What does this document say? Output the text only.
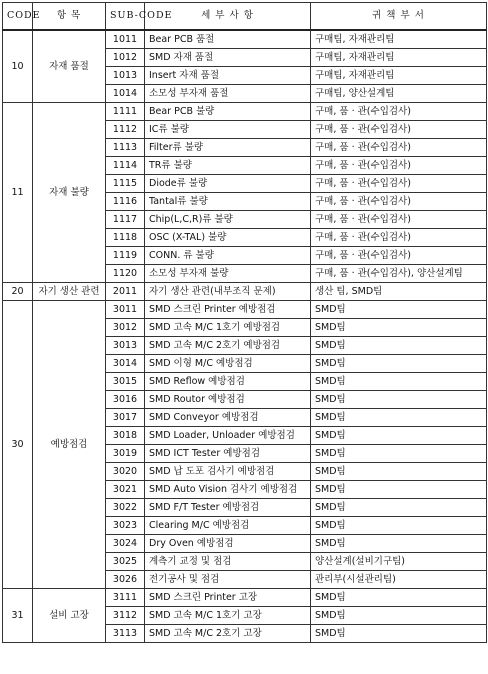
CODE	항 목	SUB-CODE	세 부 사 항	귀 책 부 서
10	자재 품절	1011	Bear PCB 품절	구매팀, 자재관리팀
		1012	SMD 자재 품절	구매팀, 자재관리팀
		1013	Insert 자재 품절	구매팀, 자재관리팀
		1014	소모성 부자재 품절	구매팀, 양산설계팀
11	자재 불량	1111	Bear PCB 불량	구매, 품 · 관(수입검사)
		1112	IC류 불량	구매, 품 · 관(수입검사)
		1113	Filter류 불량	구매, 품 · 관(수입검사)
		1114	TR류 불량	구매, 품 · 관(수입검사)
		1115	Diode류 불량	구매, 품 · 관(수입검사)
		1116	Tantal류 불량	구매, 품 · 관(수입검사)
		1117	Chip(L,C,R)류 불량	구매, 품 · 관(수입검사)
		1118	OSC (X-TAL) 불량	구매, 품 · 관(수입검사)
		1119	CONN. 류 불량	구매, 품 · 관(수입검사)
		1120	소모성 부자재 불량	구매, 품 · 관(수입검사), 양산설계팀
20	자기 생산 관련	2011	자기 생산 관련(내부조직 문제)	생산 팀, SMD팀
30	예방점검	3011	SMD 스크린 Printer 예방점검	SMD팀
		3012	SMD 고속 M/C 1호기 예방점검	SMD팀
		3013	SMD 고속 M/C 2호기 예방점검	SMD팀
		3014	SMD 이형 M/C 예방점검	SMD팀
		3015	SMD Reflow 예방점검	SMD팀
		3016	SMD Routor 예방점검	SMD팀
		3017	SMD Conveyor 예방점검	SMD팀
		3018	SMD Loader, Unloader 예방점검	SMD팀
		3019	SMD ICT Tester 예방점검	SMD팀
		3020	SMD 납 도포 검사기 예방점검	SMD팀
		3021	SMD Auto Vision 검사기 예방점검	SMD팀
		3022	SMD F/T Tester 예방점검	SMD팀
		3023	Clearing M/C 예방점검	SMD팀
		3024	Dry Oven 예방점검	SMD팀
		3025	계측기 교정 및 점검	양산설계(설비기구팀)
		3026	전기공사 및 점검	관리부(시설관리팀)
31	설비 고장	3111	SMD 스크린 Printer 고장	SMD팀
		3112	SMD 고속 M/C 1호기 고장	SMD팀
		3113	SMD 고속 M/C 2호기 고장	SMD팀
